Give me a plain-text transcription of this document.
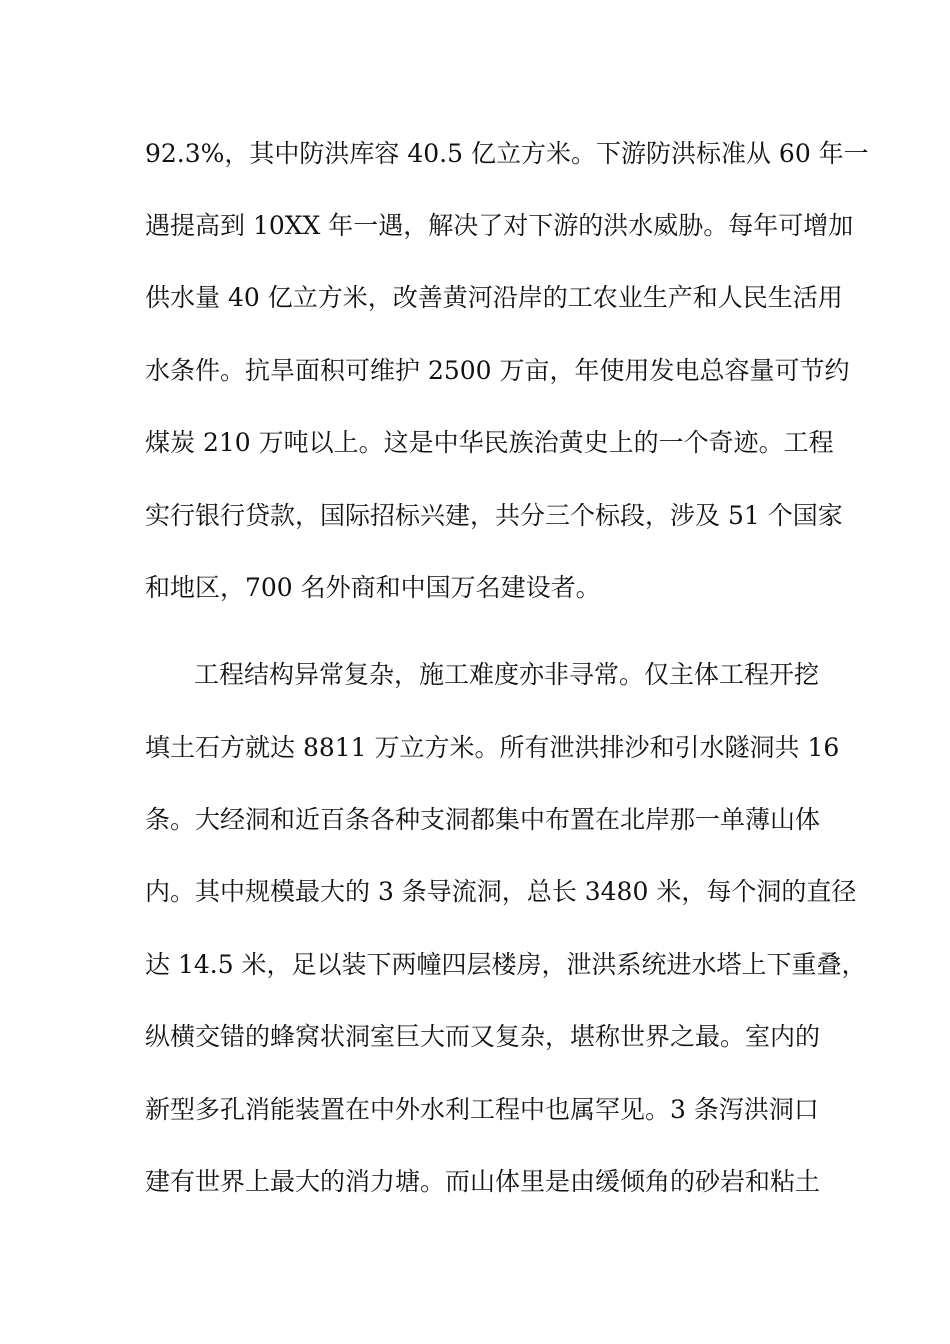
92.3%，其中防洪库容 40.5 亿立方米。下游防洪标准从 60 年一
遇提高到 10XX 年一遇，解决了对下游的洪水威胁。每年可增加
供水量 40 亿立方米，改善黄河沿岸的工农业生产和人民生活用
水条件。抗旱面积可维护 2500 万亩，年使用发电总容量可节约
煤炭 210 万吨以上。这是中华民族治黄史上的一个奇迹。工程
实行银行贷款，国际招标兴建，共分三个标段，涉及 51 个国家
和地区，700 名外商和中国万名建设者。
工程结构异常复杂，施工难度亦非寻常。仅主体工程开挖
填土石方就达 8811 万立方米。所有泄洪排沙和引水隧洞共 16
条。大经洞和近百条各种支洞都集中布置在北岸那一单薄山体
内。其中规模最大的 3 条导流洞，总长 3480 米，每个洞的直径
达 14.5 米，足以装下两幢四层楼房，泄洪系统进水塔上下重叠，
纵横交错的蜂窝状洞室巨大而又复杂，堪称世界之最。室内的
新型多孔消能装置在中外水利工程中也属罕见。3 条泻洪洞口
建有世界上最大的消力塘。而山体里是由缓倾角的砂岩和粘土
